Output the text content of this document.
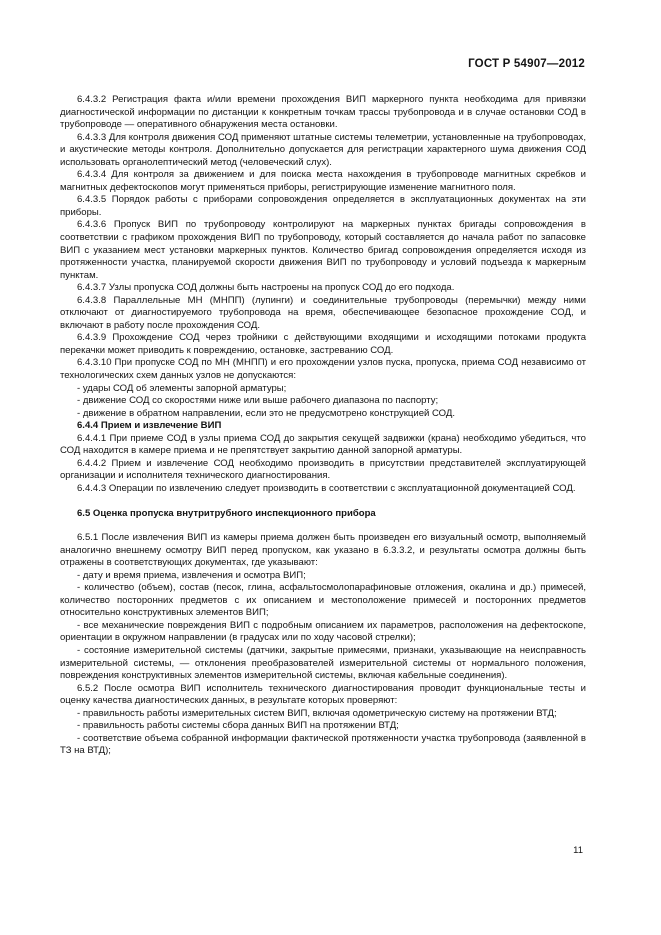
ГОСТ Р 54907—2012

6.4.3.2 Регистрация факта и/или времени прохождения ВИП маркерного пункта необходима для привязки диагностической информации по дистанции к конкретным точкам трассы трубопровода и в случае остановки СОД в трубопроводе — оперативного обнаружения места остановки.

6.4.3.3 Для контроля движения СОД применяют штатные системы телеметрии, установленные на трубопроводах, и акустические методы контроля. Дополнительно допускается для регистрации характерного шума движения СОД использовать органолептический метод (человеческий слух).

6.4.3.4 Для контроля за движением и для поиска места нахождения в трубопроводе магнитных скребков и магнитных дефектоскопов могут применяться приборы, регистрирующие изменение магнитного поля.

6.4.3.5 Порядок работы с приборами сопровождения определяется в эксплуатационных документах на эти приборы.

6.4.3.6 Пропуск ВИП по трубопроводу контролируют на маркерных пунктах бригады сопровождения в соответствии с графиком прохождения ВИП по трубопроводу, который составляется до начала работ по запасовке ВИП с указанием мест установки маркерных пунктов. Количество бригад сопровождения определяется исходя из протяженности участка, планируемой скорости движения ВИП по трубопроводу и условий подъезда к маркерным пунктам.

6.4.3.7 Узлы пропуска СОД должны быть настроены на пропуск СОД до его подхода.

6.4.3.8 Параллельные МН (МНПП) (лупинги) и соединительные трубопроводы (перемычки) между ними отключают от диагностируемого трубопровода на время, обеспечивающее безопасное прохождение СОД, и включают в работу после прохождения СОД.

6.4.3.9 Прохождение СОД через тройники с действующими входящими и исходящими потоками продукта перекачки может приводить к повреждению, остановке, застреванию СОД.

6.4.3.10 При пропуске СОД по МН (МНПП) и его прохождении узлов пуска, пропуска, приема СОД независимо от технологических схем данных узлов не допускаются:

- удары СОД об элементы запорной арматуры;

- движение СОД со скоростями ниже или выше рабочего диапазона по паспорту;

- движение в обратном направлении, если это не предусмотрено конструкцией СОД.

6.4.4 Прием и извлечение ВИП

6.4.4.1 При приеме СОД в узлы приема СОД до закрытия секущей задвижки (крана) необходимо убедиться, что СОД находится в камере приема и не препятствует закрытию данной запорной арматуры.

6.4.4.2 Прием и извлечение СОД необходимо производить в присутствии представителей эксплуатирующей организации и исполнителя технического диагностирования.

6.4.4.3 Операции по извлечению следует производить в соответствии с эксплуатационной документацией СОД.

6.5 Оценка пропуска внутритрубного инспекционного прибора

6.5.1 После извлечения ВИП из камеры приема должен быть произведен его визуальный осмотр, выполняемый аналогично внешнему осмотру ВИП перед пропуском, как указано в 6.3.3.2, и результаты осмотра должны быть отражены в соответствующих документах, где указывают:

- дату и время приема, извлечения и осмотра ВИП;

- количество (объем), состав (песок, глина, асфальтосмолопарафиновые отложения, окалина и др.) примесей, количество посторонних предметов с их описанием и местоположение примесей и посторонних предметов относительно конструктивных элементов ВИП;

- все механические повреждения ВИП с подробным описанием их параметров, расположения на дефектоскопе, ориентации в окружном направлении (в градусах или по ходу часовой стрелки);

- состояние измерительной системы (датчики, закрытые примесями, признаки, указывающие на неисправность измерительной системы, — отклонения преобразователей измерительной системы от нормального положения, повреждения конструктивных элементов измерительной системы, включая кабельные соединения).

6.5.2 После осмотра ВИП исполнитель технического диагностирования проводит функциональные тесты и оценку качества диагностических данных, в результате которых проверяют:

- правильность работы измерительных систем ВИП, включая одометрическую систему на протяжении ВТД;

- правильность работы системы сбора данных ВИП на протяжении ВТД;

- соответствие объема собранной информации фактической протяженности участка трубопровода (заявленной в ТЗ на ВТД);

11
